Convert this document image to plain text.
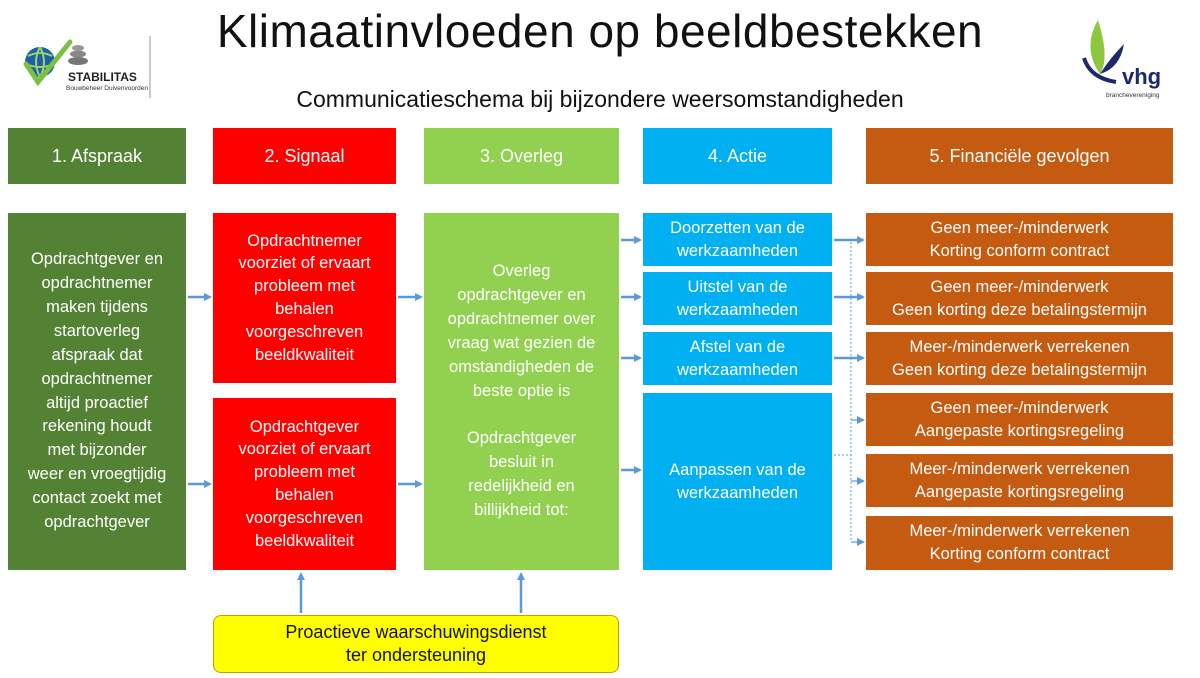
Klimaatinvloeden op beeldbestekken
Communicatieschema bij bijzondere weersomstandigheden
STABILITAS
Bouwbeheer Duivenvoorden	vhg
branchevereniging
1. Afspraak	2. Signaal	3. Overleg	4. Actie	5. Financiële gevolgen
Opdrachtgever en
opdrachtnemer
maken tijdens
startoverleg
afspraak dat
opdrachtnemer
altijd proactief
rekening houdt
met bijzonder
weer en vroegtijdig
contact zoekt met
opdrachtgever
Opdrachtnemer
voorziet of ervaart
probleem met
behalen
voorgeschreven
beeldkwaliteit
Opdrachtgever
voorziet of ervaart
probleem met
behalen
voorgeschreven
beeldkwaliteit
Overleg
opdrachtgever en
opdrachtnemer over
vraag wat gezien de
omstandigheden de
beste optie is

Opdrachtgever
besluit in
redelijkheid en
billijkheid tot:
Doorzetten van de
werkzaamheden
Uitstel van de
werkzaamheden
Afstel van de
werkzaamheden
Aanpassen van de
werkzaamheden
Geen meer-/minderwerk
Korting conform contract
Geen meer-/minderwerk
Geen korting deze betalingstermijn
Meer-/minderwerk verrekenen
Geen korting deze betalingstermijn
Geen meer-/minderwerk
Aangepaste kortingsregeling
Meer-/minderwerk verrekenen
Aangepaste kortingsregeling
Meer-/minderwerk verrekenen
Korting conform contract
Proactieve waarschuwingsdienst
ter ondersteuning
